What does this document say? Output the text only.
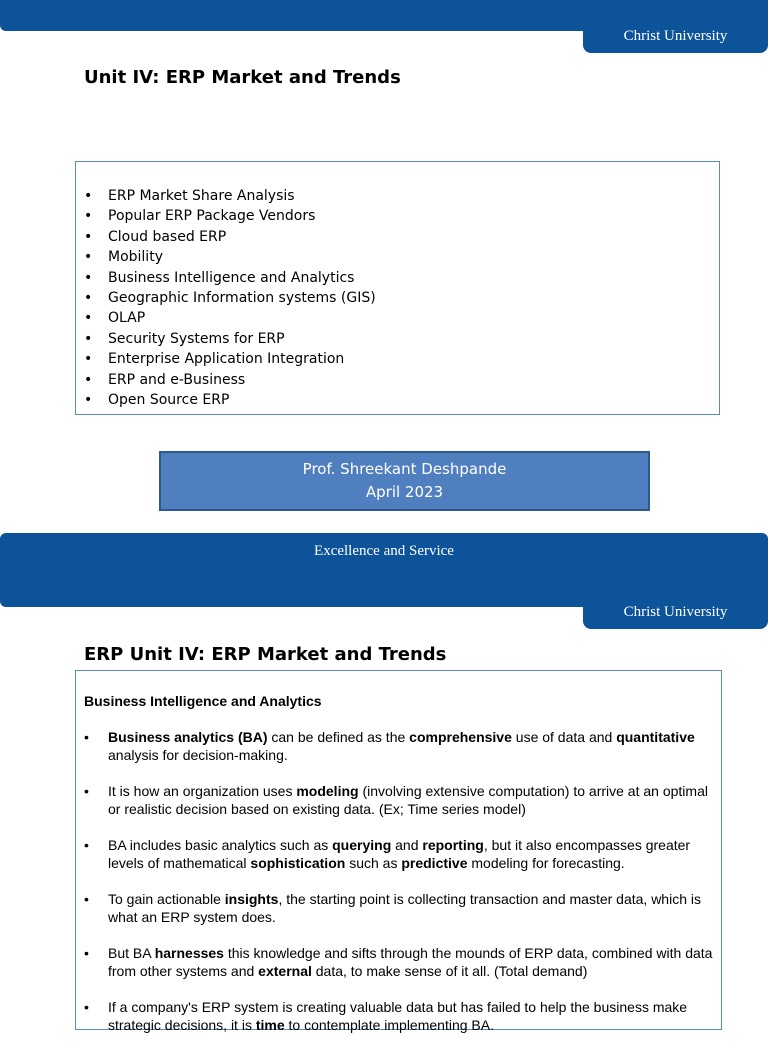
Christ University
Unit IV: ERP Market and Trends
• ERP Market Share Analysis
• Popular ERP Package Vendors
• Cloud based ERP
• Mobility
• Business Intelligence and Analytics
• Geographic Information systems (GIS)
• OLAP
• Security Systems for ERP
• Enterprise Application Integration
• ERP and e-Business
• Open Source ERP
Prof. Shreekant Deshpande
April 2023
Excellence and Service
Christ University
ERP Unit IV: ERP Market and Trends
Business Intelligence and Analytics
• Business analytics (BA) can be defined as the comprehensive use of data and quantitative analysis for decision-making.
• It is how an organization uses modeling (involving extensive computation) to arrive at an optimal or realistic decision based on existing data. (Ex; Time series model)
• BA includes basic analytics such as querying and reporting, but it also encompasses greater levels of mathematical sophistication such as predictive modeling for forecasting.
• To gain actionable insights, the starting point is collecting transaction and master data, which is what an ERP system does.
• But BA harnesses this knowledge and sifts through the mounds of ERP data, combined with data from other systems and external data, to make sense of it all. (Total demand)
• If a company's ERP system is creating valuable data but has failed to help the business make strategic decisions, it is time to contemplate implementing BA.
